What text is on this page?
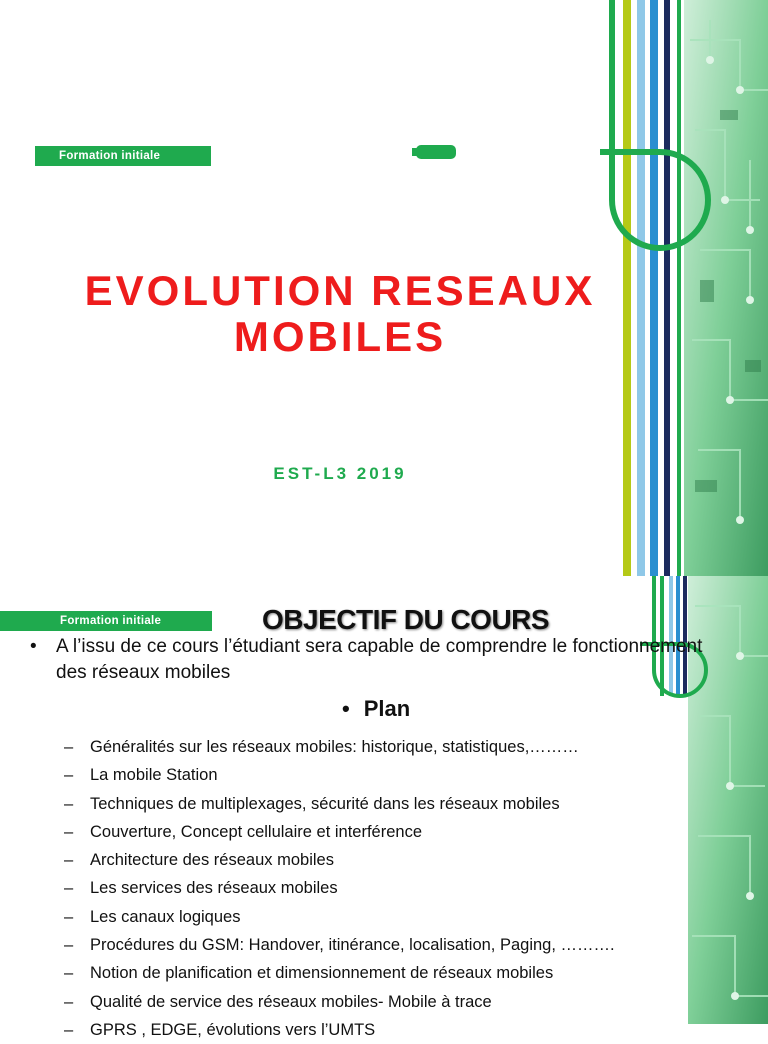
Formation initiale
EVOLUTION RESEAUX
MOBILES
EST-L3 2019
Formation initiale	OBJECTIF DU COURS
• A l’issu de ce cours l’étudiant sera capable de comprendre le fonctionnement des réseaux mobiles
• Plan
– Généralités sur les réseaux mobiles: historique, statistiques,………
– La mobile Station
– Techniques de multiplexages, sécurité dans les réseaux mobiles
– Couverture, Concept cellulaire et interférence
– Architecture des réseaux mobiles
– Les services des réseaux mobiles
– Les canaux logiques
– Procédures du GSM: Handover, itinérance, localisation, Paging, ……….
– Notion de planification et dimensionnement de réseaux mobiles
– Qualité de service des réseaux mobiles- Mobile à trace
– GPRS , EDGE, évolutions vers l’UMTS
